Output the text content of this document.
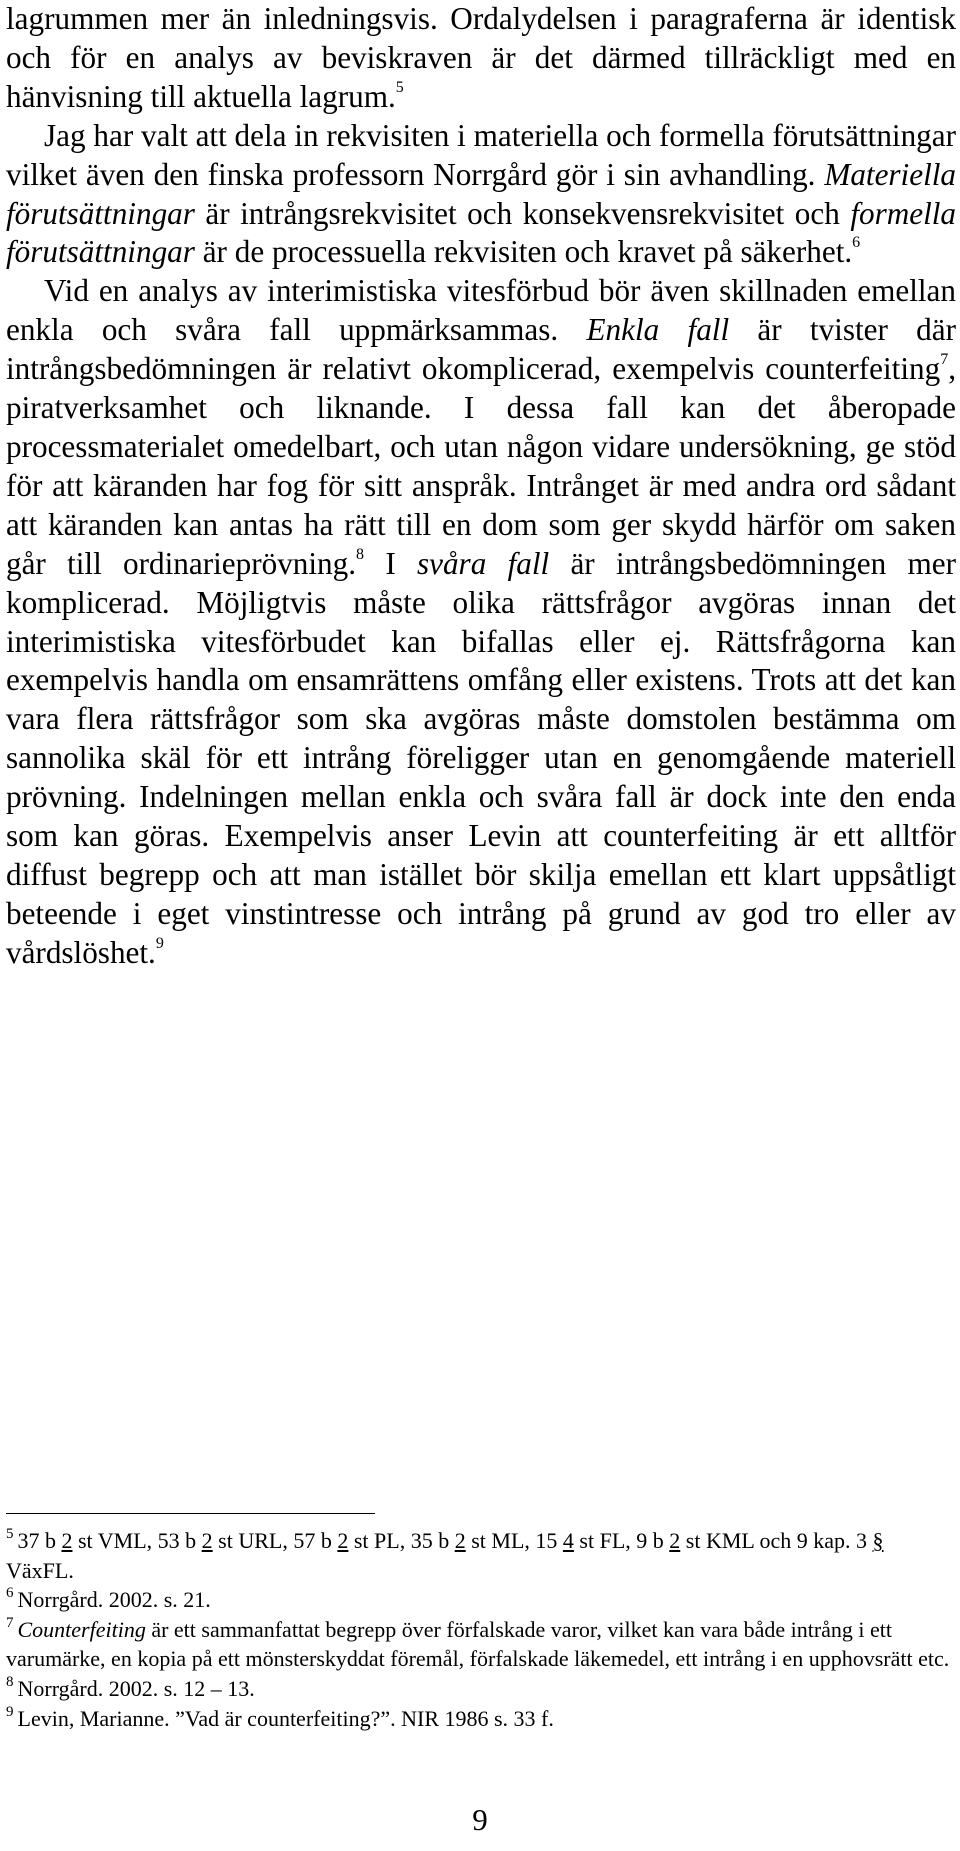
lagrummen mer än inledningsvis. Ordalydelsen i paragraferna är identisk och för en analys av beviskraven är det därmed tillräckligt med en hänvisning till aktuella lagrum.$^5$

Jag har valt att dela in rekvisiten i materiella och formella förutsättningar vilket även den finska professorn Norrgård gör i sin avhandling. Materiella förutsättningar är intrångsrekvisitet och konsekvensrekvisitet och formella förutsättningar är de processuella rekvisiten och kravet på säkerhet.$^6$

Vid en analys av interimistiska vitesförbud bör även skillnaden emellan enkla och svåra fall uppmärksammas. Enkla fall är tvister där intrångsbedömningen är relativt okomplicerad, exempelvis counterfeiting$^7$, piratverksamhet och liknande. I dessa fall kan det åberopade processmaterialet omedelbart, och utan någon vidare undersökning, ge stöd för att käranden har fog för sitt anspråk. Intrånget är med andra ord sådant att käranden kan antas ha rätt till en dom som ger skydd härför om saken går till ordinarieprövning.$^8$ I svåra fall är intrångsbedömningen mer komplicerad. Möjligtvis måste olika rättsfrågor avgöras innan det interimistiska vitesförbudet kan bifallas eller ej. Rättsfrågorna kan exempelvis handla om ensamrättens omfång eller existens. Trots att det kan vara flera rättsfrågor som ska avgöras måste domstolen bestämma om sannolika skäl för ett intrång föreligger utan en genomgående materiell prövning. Indelningen mellan enkla och svåra fall är dock inte den enda som kan göras. Exempelvis anser Levin att counterfeiting är ett alltför diffust begrepp och att man istället bör skilja emellan ett klart uppsåtligt beteende i eget vinstintresse och intrång på grund av god tro eller av vårdslöshet.$^9$

$^5$ 37 b 2 st VML, 53 b 2 st URL, 57 b 2 st PL, 35 b 2 st ML, 15 4 st FL, 9 b 2 st KML och 9 kap. 3 § VäxFL.

$^6$ Norrgård. 2002. s. 21.

$^7$ Counterfeiting är ett sammanfattat begrepp över förfalskade varor, vilket kan vara både intrång i ett varumärke, en kopia på ett mönsterskyddat föremål, förfalskade läkemedel, ett intrång i en upphovsrätt etc.

$^8$ Norrgård. 2002. s. 12 – 13.

$^9$ Levin, Marianne. ”Vad är counterfeiting?”. NIR 1986 s. 33 f.

9
